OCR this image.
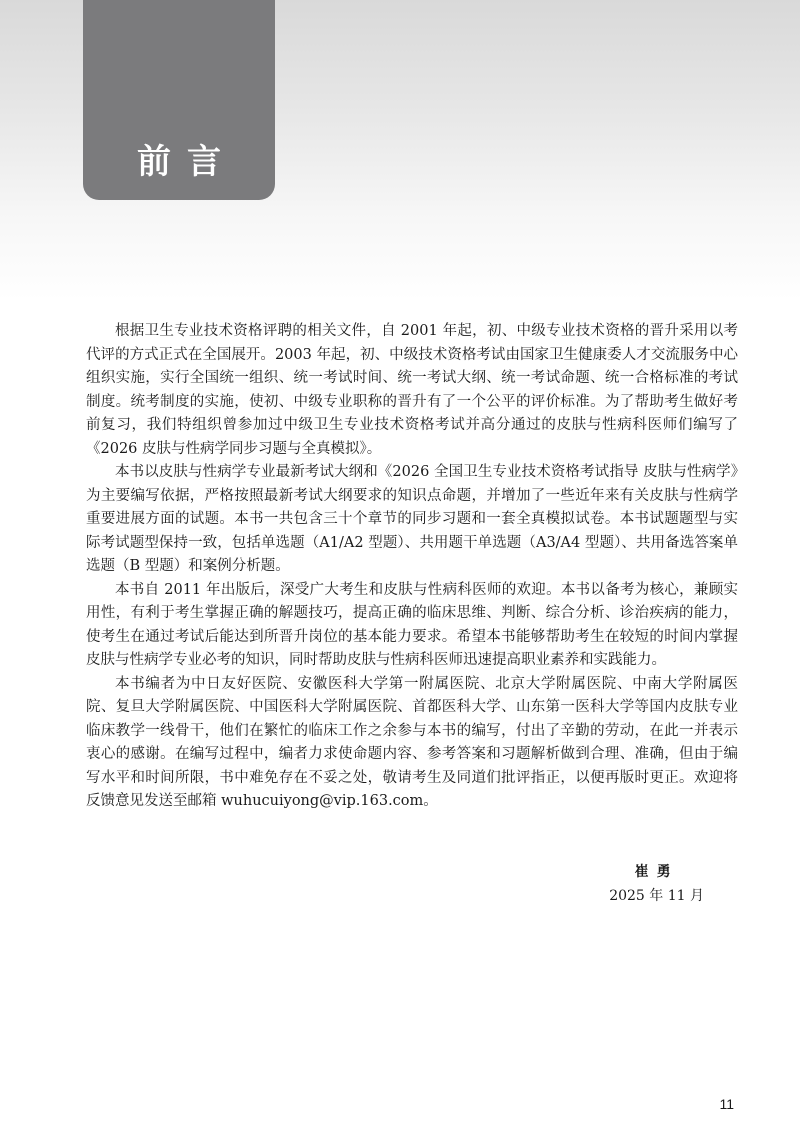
前言

根据卫生专业技术资格评聘的相关文件，自 2001 年起，初、中级专业技术资格的晋升采用以考代评的方式正式在全国展开。2003 年起，初、中级技术资格考试由国家卫生健康委人才交流服务中心组织实施，实行全国统一组织、统一考试时间、统一考试大纲、统一考试命题、统一合格标准的考试制度。统考制度的实施，使初、中级专业职称的晋升有了一个公平的评价标准。为了帮助考生做好考前复习，我们特组织曾参加过中级卫生专业技术资格考试并高分通过的皮肤与性病科医师们编写了《2026 皮肤与性病学同步习题与全真模拟》。

本书以皮肤与性病学专业最新考试大纲和《2026 全国卫生专业技术资格考试指导 皮肤与性病学》为主要编写依据，严格按照最新考试大纲要求的知识点命题，并增加了一些近年来有关皮肤与性病学重要进展方面的试题。本书一共包含三十个章节的同步习题和一套全真模拟试卷。本书试题题型与实际考试题型保持一致，包括单选题（A1/A2 型题）、共用题干单选题（A3/A4 型题）、共用备选答案单选题（B 型题）和案例分析题。

本书自 2011 年出版后，深受广大考生和皮肤与性病科医师的欢迎。本书以备考为核心，兼顾实用性，有利于考生掌握正确的解题技巧，提高正确的临床思维、判断、综合分析、诊治疾病的能力，使考生在通过考试后能达到所晋升岗位的基本能力要求。希望本书能够帮助考生在较短的时间内掌握皮肤与性病学专业必考的知识，同时帮助皮肤与性病科医师迅速提高职业素养和实践能力。

本书编者为中日友好医院、安徽医科大学第一附属医院、北京大学附属医院、中南大学附属医院、复旦大学附属医院、中国医科大学附属医院、首都医科大学、山东第一医科大学等国内皮肤专业临床教学一线骨干，他们在繁忙的临床工作之余参与本书的编写，付出了辛勤的劳动，在此一并表示衷心的感谢。在编写过程中，编者力求使命题内容、参考答案和习题解析做到合理、准确，但由于编写水平和时间所限，书中难免存在不妥之处，敬请考生及同道们批评指正，以便再版时更正。欢迎将反馈意见发送至邮箱 wuhucuiyong@vip.163.com。

崔勇
2025 年 11 月
11
